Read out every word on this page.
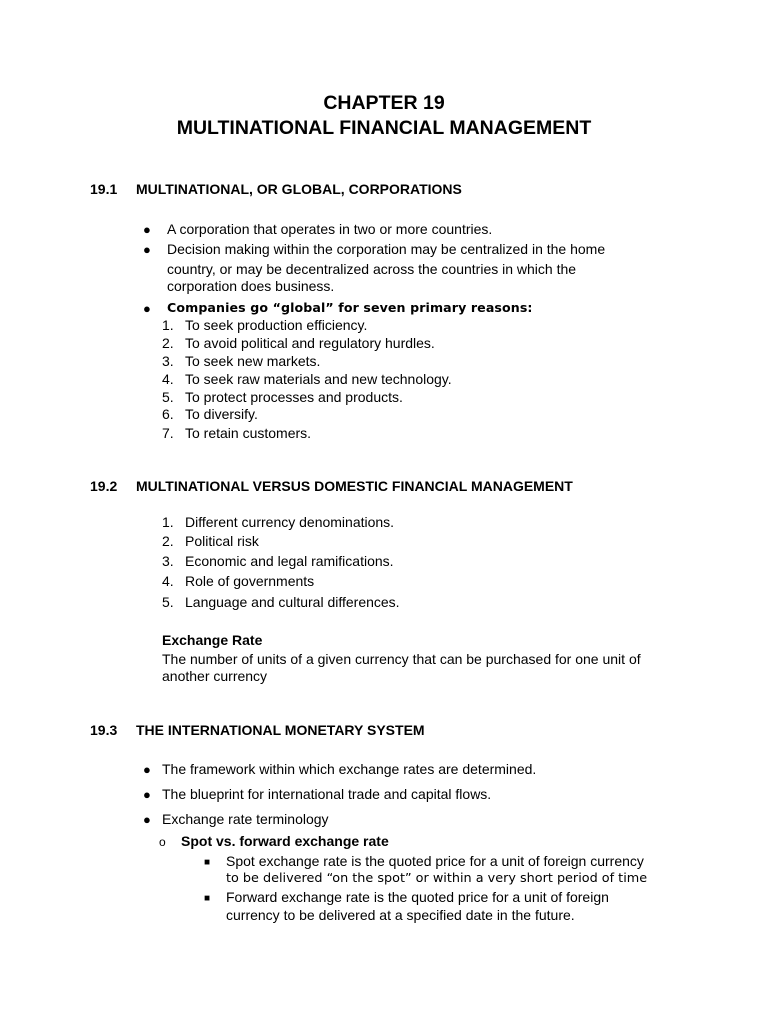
CHAPTER 19
MULTINATIONAL FINANCIAL MANAGEMENT
19.1 MULTINATIONAL, OR GLOBAL, CORPORATIONS
● A corporation that operates in two or more countries.
● Decision making within the corporation may be centralized in the home
country, or may be decentralized across the countries in which the
corporation does business.
● Companies go “global” for seven primary reasons:
1. To seek production efficiency.
2. To avoid political and regulatory hurdles.
3. To seek new markets.
4. To seek raw materials and new technology.
5. To protect processes and products.
6. To diversify.
7. To retain customers.
19.2 MULTINATIONAL VERSUS DOMESTIC FINANCIAL MANAGEMENT
1. Different currency denominations.
2. Political risk
3. Economic and legal ramifications.
4. Role of governments
5. Language and cultural differences.
Exchange Rate
The number of units of a given currency that can be purchased for one unit of
another currency
19.3 THE INTERNATIONAL MONETARY SYSTEM
● The framework within which exchange rates are determined.
● The blueprint for international trade and capital flows.
● Exchange rate terminology
o Spot vs. forward exchange rate
■ Spot exchange rate is the quoted price for a unit of foreign currency
to be delivered “on the spot” or within a very short period of time
■ Forward exchange rate is the quoted price for a unit of foreign
currency to be delivered at a specified date in the future.
